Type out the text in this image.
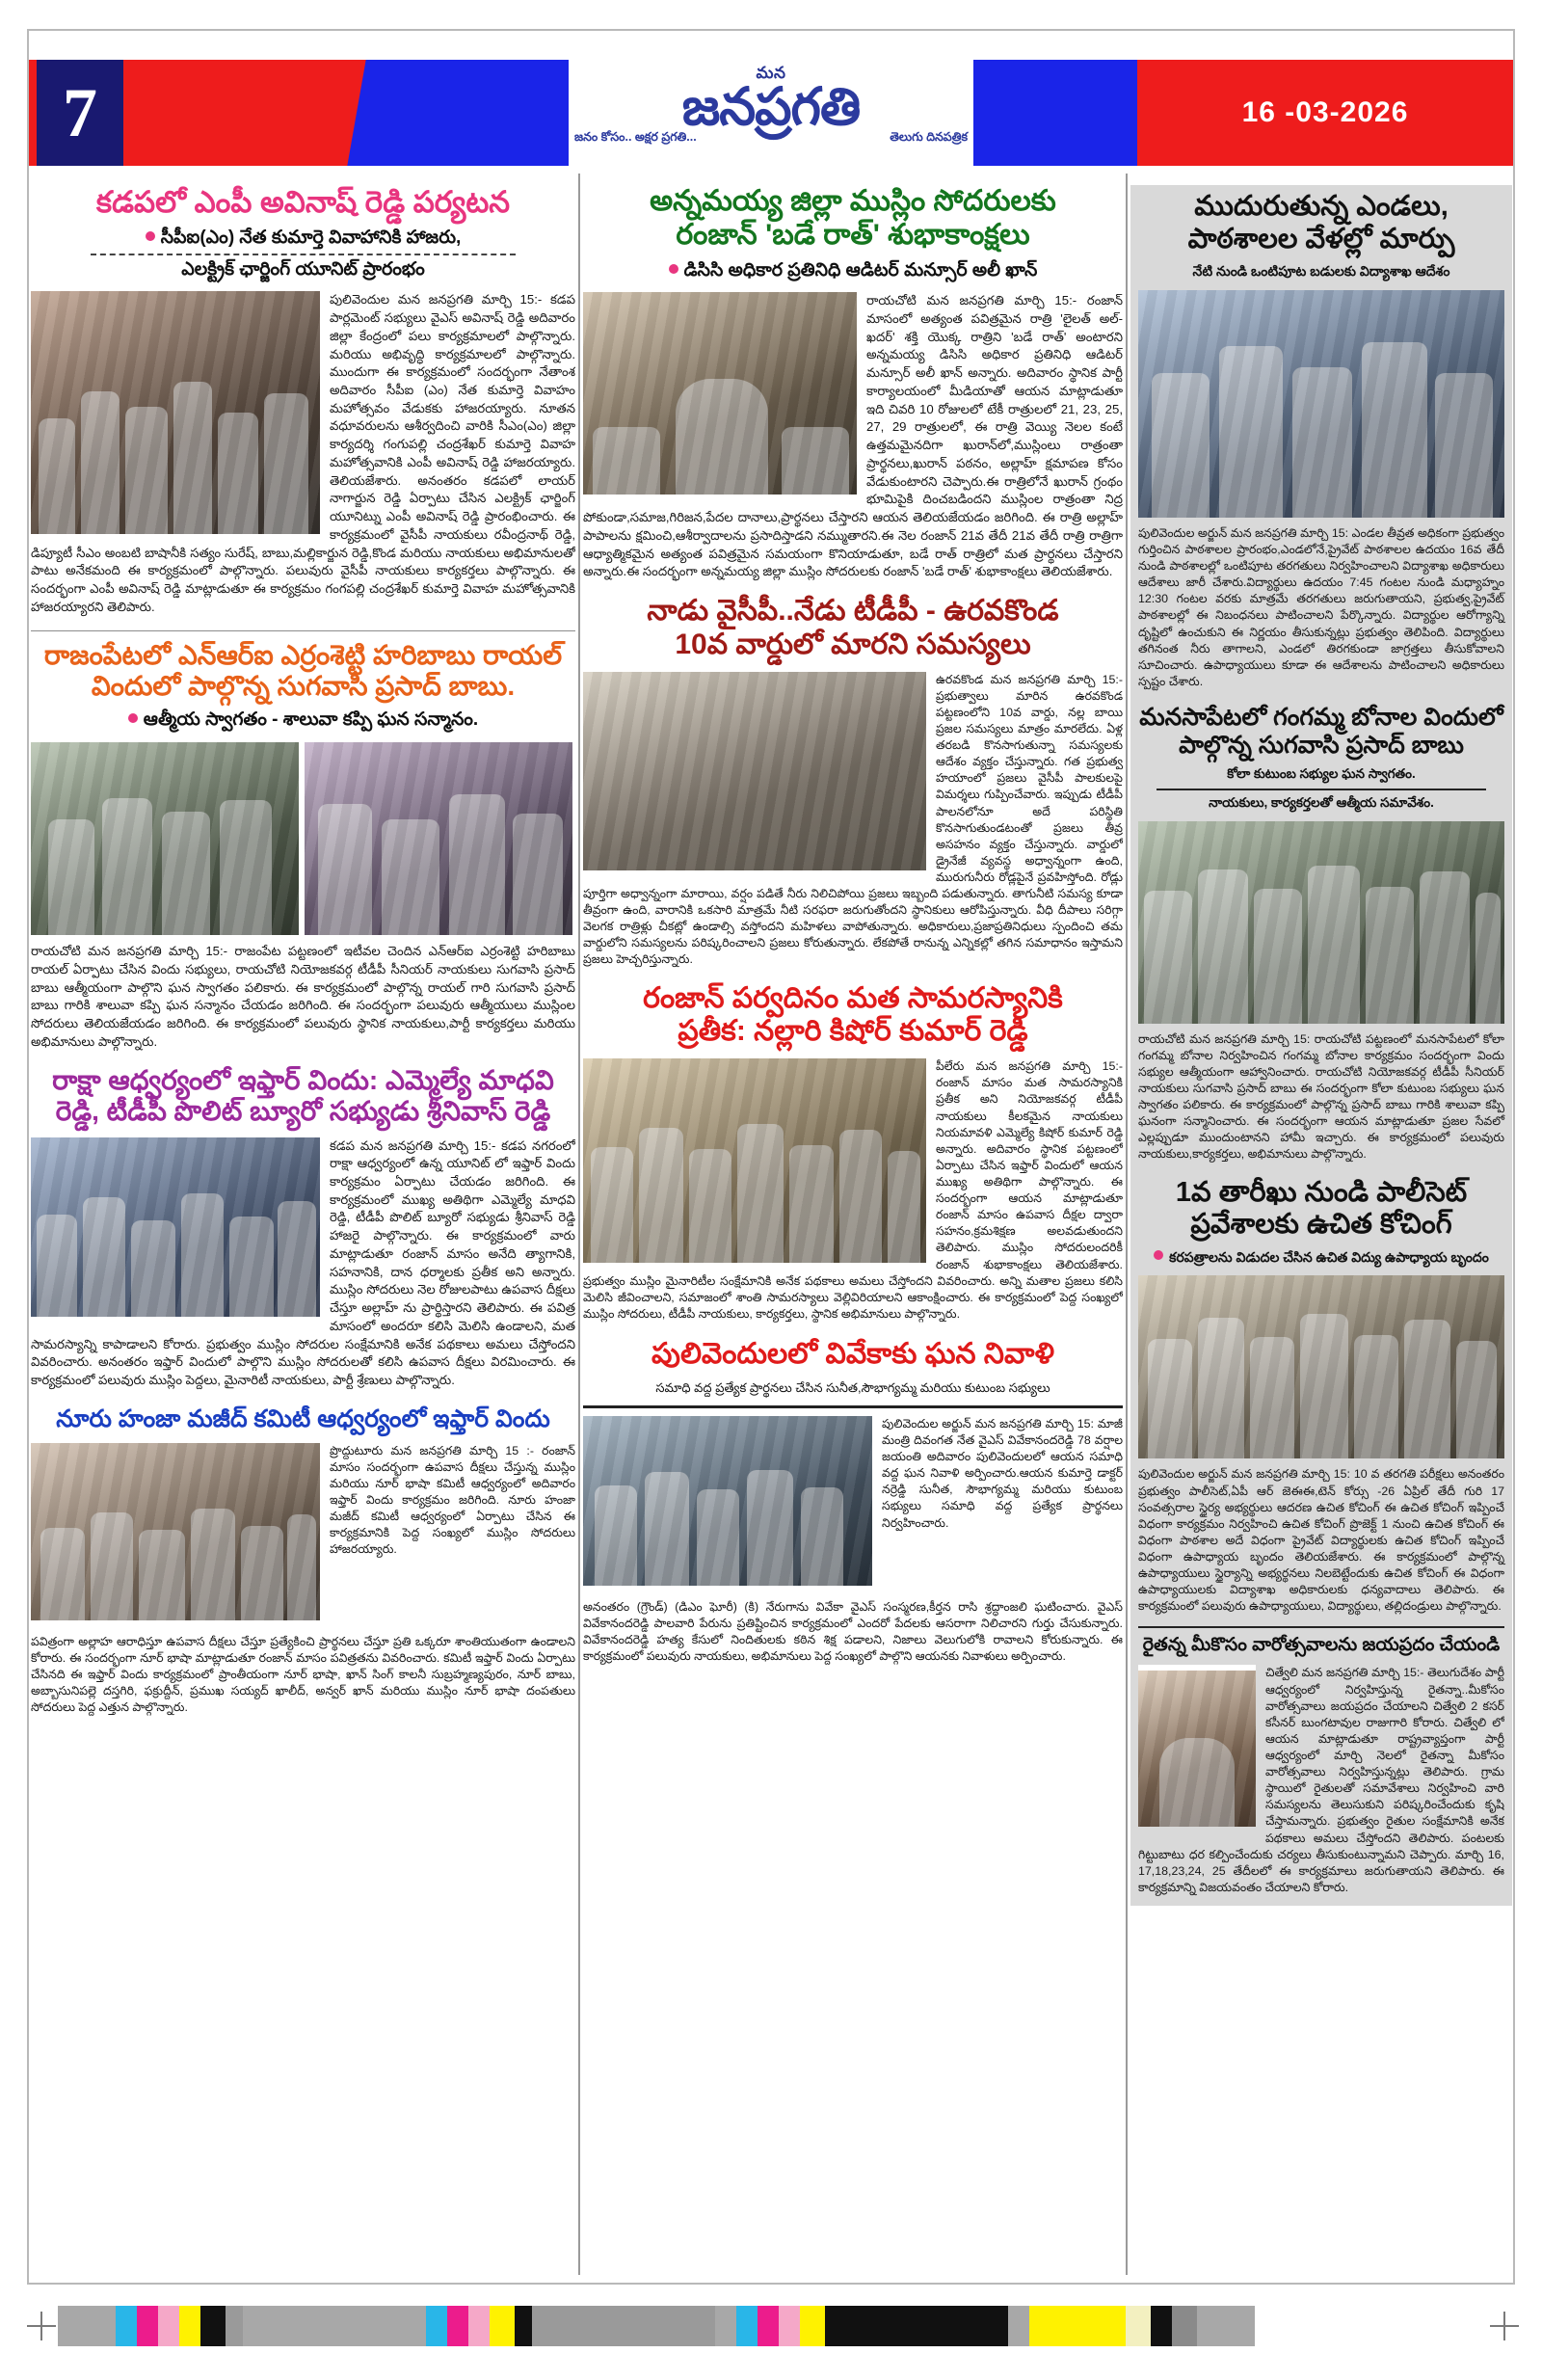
7
మన
జనప్రగతి
జనం కోసం.. అక్షర ప్రగతి...	తెలుగు దినపత్రిక
16 -03-2026
కడపలో ఎంపీ అవినాష్ రెడ్డి పర్యటన
సీపీఐ(ఎం) నేత కుమార్తె వివాహానికి హాజరు,
ఎలక్ట్రిక్ ఛార్జింగ్ యూనిట్ ప్రారంభం
పులివెందుల మన జనప్రగతి మార్చి 15:- కడప పార్లమెంట్ సభ్యులు వైఎస్ అవినాష్ రెడ్డి అదివారం జిల్లా కేంద్రంలో పలు కార్యక్రమాలలో పాల్గొన్నారు. మరియు అభివృద్ధి కార్యక్రమాలలో పాల్గొన్నారు. ముందుగా ఈ కార్యక్రమంలో సందర్భంగా నేతాంశ అదివారం సీపీఐ (ఎం) నేత కుమార్తె వివాహం మహోత్సవం వేడుకకు హాజరయ్యారు. నూతన వధూవరులను ఆశీర్వదించి వారికి సీఎం(ఎం) జిల్లా కార్యదర్శి గంగుపల్లి చంద్రశేఖర్ కుమార్తె వివాహ మహోత్సవానికి ఎంపీ అవినాష్ రెడ్డి హాజరయ్యారు. తెలియజేశారు. అనంతరం కడపలో లాయర్ నాగార్జున రెడ్డి ఏర్పాటు చేసిన ఎలక్ట్రిక్ ఛార్జింగ్ యూనిట్ను ఎంపీ అవినాష్ రెడ్డి ప్రారంభించారు. ఈ కార్యక్రమంలో వైసీపీ నాయకులు రవీంద్రనాథ్ రెడ్డి, డిప్యూటీ సీఎం అంబటి బాషానీకి సత్యం సురేష్, బాబు,మల్లికార్జున రెడ్డి,కొండ మరియు నాయకులు అభిమానులతో పాటు అనేకమంది ఈ కార్యక్రమంలో పాల్గొన్నారు. పలువురు వైసీపీ నాయకులు కార్యకర్తలు పాల్గొన్నారు. ఈ సందర్భంగా ఎంపీ అవినాష్ రెడ్డి మాట్లాడుతూ ఈ కార్యక్రమం గంగపల్లి చంద్రశేఖర్ కుమార్తె వివాహ మహోత్సవానికి హాజరయ్యారని తెలిపారు.
రాజంపేటలో ఎన్ఆర్ఐ ఎర్రంశెట్టి హరిబాబు రాయల్
విందులో పాల్గొన్న సుగవాసి ప్రసాద్ బాబు.
ఆత్మీయ స్వాగతం - శాలువా కప్పి ఘన సన్మానం.
రాయచోటి మన జనప్రగతి మార్చి 15:- రాజంపేట పట్టణంలో ఇటీవల చెందిన ఎన్ఆర్ఐ ఎర్రంశెట్టి హరిబాబు రాయల్ ఏర్పాటు చేసిన విందు సభ్యులు, రాయచోటి నియోజకవర్గ టీడీపీ సీనియర్ నాయకులు సుగవాసి ప్రసాద్ బాబు ఆత్మీయంగా పాల్గొని ఘన స్వాగతం పలికారు. ఈ కార్యక్రమంలో పాల్గొన్న రాయల్ గారి సుగవాసి ప్రసాద్ బాబు గారికి శాలువా కప్పి ఘన సన్మానం చేయడం జరిగింది. ఈ సందర్భంగా పలువురు ఆత్మీయులు ముస్లింల సోదరులు తెలియజేయడం జరిగింది. ఈ కార్యక్రమంలో పలువురు స్థానిక నాయకులు,పార్టీ కార్యకర్తలు మరియు అభిమానులు పాల్గొన్నారు.
రాక్షా ఆధ్వర్యంలో ఇఫ్తార్ విందు: ఎమ్మెల్యే మాధవి
రెడ్డి, టీడీపీ పొలిట్ బ్యూరో సభ్యుడు శ్రీనివాస్ రెడ్డి
కడప మన జనప్రగతి మార్చి 15:- కడప నగరంలో రాక్షా ఆధ్వర్యంలో ఉన్న యూనిట్ లో ఇఫ్తార్ విందు కార్యక్రమం ఏర్పాటు చేయడం జరిగింది. ఈ కార్యక్రమంలో ముఖ్య అతిథిగా ఎమ్మెల్యే మాధవి రెడ్డి, టీడీపీ పొలిట్ బ్యూరో సభ్యుడు శ్రీనివాస్ రెడ్డి హాజరై పాల్గొన్నారు. ఈ కార్యక్రమంలో వారు మాట్లాడుతూ రంజాన్ మాసం అనేది త్యాగానికి, సహనానికి, దాన ధర్మాలకు ప్రతీక అని అన్నారు. ముస్లిం సోదరులు నెల రోజులపాటు ఉపవాస దీక్షలు చేస్తూ అల్లాహ్ ను ప్రార్థిస్తారని తెలిపారు. ఈ పవిత్ర మాసంలో అందరూ కలిసి మెలిసి ఉండాలని, మత సామరస్యాన్ని కాపాడాలని కోరారు. ప్రభుత్వం ముస్లిం సోదరుల సంక్షేమానికి అనేక పథకాలు అమలు చేస్తోందని వివరించారు. అనంతరం ఇఫ్తార్ విందులో పాల్గొని ముస్లిం సోదరులతో కలిసి ఉపవాస దీక్షలు విరమించారు. ఈ కార్యక్రమంలో పలువురు ముస్లిం పెద్దలు, మైనారిటీ నాయకులు, పార్టీ శ్రేణులు పాల్గొన్నారు.
నూరు హంజా మజీద్ కమిటీ ఆధ్వర్యంలో ఇఫ్తార్ విందు
ప్రొద్దుటూరు మన జనప్రగతి మార్చి 15 :- రంజాన్ మాసం సందర్భంగా ఉపవాస దీక్షలు చేస్తున్న ముస్లిం మరియు నూర్ భాషా కమిటీ ఆధ్వర్యంలో అదివారం ఇఫ్తార్ విందు కార్యక్రమం జరిగింది. నూరు హంజా మజీద్ కమిటీ ఆధ్వర్యంలో ఏర్పాటు చేసిన ఈ కార్యక్రమానికి పెద్ద సంఖ్యలో ముస్లిం సోదరులు హాజరయ్యారు.
పవిత్రంగా అల్లాహ ఆరాధిస్తూ ఉపవాస దీక్షలు చేస్తూ ప్రత్యేకించి ప్రార్థనలు చేస్తూ ప్రతి ఒక్కరూ శాంతియుతంగా ఉండాలని కోరారు. ఈ సందర్భంగా నూర్ భాషా మాట్లాడుతూ రంజాన్ మాసం పవిత్రతను వివరించారు. కమిటీ ఇఫ్తార్ విందు ఏర్పాటు చేసినది ఈ ఇఫ్తార్ విందు కార్యక్రమంలో ప్రాంతీయంగా నూర్ భాషా, ఖాన్ సింగ్ కాలనీ సుబ్రహ్మణ్యపురం, నూర్ బాబు, అబ్బాసునిపల్లె దస్తగిరి, ఫక్రుద్దీన్, ప్రముఖ సయ్యద్ ఖాలీద్, అన్వర్ ఖాన్ మరియు ముస్లిం నూర్ భాషా దంపతులు సోదరులు పెద్ద ఎత్తున పాల్గొన్నారు.
అన్నమయ్య జిల్లా ముస్లిం సోదరులకు
రంజాన్ 'బడే రాత్' శుభాకాంక్షలు
డిసిసి అధికార ప్రతినిధి ఆడిటర్ మన్సూర్ అలీ ఖాన్
రాయచోటి మన జనప్రగతి మార్చి 15:- రంజాన్ మాసంలో అత్యంత పవిత్రమైన రాత్రి 'లైలత్ అల్-ఖదర్' శక్తి యొక్క రాత్రిని 'బడే రాత్' అంటారని అన్నమయ్య డిసిసి అధికార ప్రతినిధి ఆడిటర్ మన్సూర్ అలీ ఖాన్ అన్నారు. అదివారం స్థానిక పార్టీ కార్యాలయంలో మీడియాతో ఆయన మాట్లాడుతూ ఇది చివరి 10 రోజులలో టేకీ రాత్రులలో 21, 23, 25, 27, 29 రాత్రులలో, ఈ రాత్రి వెయ్యి నెలల కంటే ఉత్తమమైనదిగా ఖురాన్‌లో,ముస్లింలు రాత్రంతా ప్రార్థనలు,ఖురాన్ పఠనం, అల్లాహ్ క్షమాపణ కోసం వేడుకుంటారని చెప్పారు.ఈ రాత్రిలోనే ఖురాన్ గ్రంథం భూమిపైకి దించబడిందని ముస్లింల రాత్రంతా నిద్ర పోకుండా,సమాజ,గిరిజన,పేదల దానాలు,ప్రార్థనలు చేస్తారని ఆయన తెలియజేయడం జరిగింది. ఈ రాత్రి అల్లాహ్ పాపాలను క్షమించి,ఆశీర్వాదాలను ప్రసాదిస్తాడని నమ్ముతారని.ఈ నెల రంజాన్ 21వ తేదీ 21వ తేదీ రాత్రి రాత్రిగా ఆధ్యాత్మికమైన అత్యంత పవిత్రమైన సమయంగా కొనియాడుతూ, బడే రాత్ రాత్రిలో మత ప్రార్థనలు చేస్తారని అన్నారు.ఈ సందర్భంగా అన్నమయ్య జిల్లా ముస్లిం సోదరులకు రంజాన్ 'బడే రాత్' శుభాకాంక్షలు తెలియజేశారు.
నాడు వైసీపీ..నేడు టీడీపీ - ఉరవకొండ
10వ వార్డులో మారని సమస్యలు
ఉరవకొండ మన జనప్రగతి మార్చి 15:- ప్రభుత్వాలు మారిన ఉరవకొండ పట్టణంలోని 10వ వార్డు, నల్ల బాయి ప్రజల సమస్యలు మాత్రం మారలేదు. ఏళ్ల తరబడి కొనసాగుతున్నా సమస్యలకు ఆదేశం వ్యక్తం చేస్తున్నారు. గత ప్రభుత్వ హయాంలో ప్రజలు వైసీపీ పాలకులపై విమర్శలు గుప్పించేవారు. ఇప్పుడు టీడీపీ పాలనలోనూ అదే పరిస్థితి కొనసాగుతుండటంతో ప్రజలు తీవ్ర అసహనం వ్యక్తం చేస్తున్నారు. వార్డులో డ్రైనేజీ వ్యవస్థ అధ్వాన్నంగా ఉంది, మురుగునీరు రోడ్లపైనే ప్రవహిస్తోంది. రోడ్లు పూర్తిగా అధ్వాన్నంగా మారాయి, వర్షం పడితే నీరు నిలిచిపోయి ప్రజలు ఇబ్బంది పడుతున్నారు. తాగునీటి సమస్య కూడా తీవ్రంగా ఉంది, వారానికి ఒకసారి మాత్రమే నీటి సరఫరా జరుగుతోందని స్థానికులు ఆరోపిస్తున్నారు. వీధి దీపాలు సరిగ్గా వెలగక రాత్రిళ్లు చీకట్లో ఉండాల్సి వస్తోందని మహిళలు వాపోతున్నారు. అధికారులు,ప్రజాప్రతినిధులు స్పందించి తమ వార్డులోని సమస్యలను పరిష్కరించాలని ప్రజలు కోరుతున్నారు. లేకపోతే రానున్న ఎన్నికల్లో తగిన సమాధానం ఇస్తామని ప్రజలు హెచ్చరిస్తున్నారు.
రంజాన్ పర్వదినం మత సామరస్యానికి
ప్రతీక: నల్లారి కిషోర్ కుమార్ రెడ్డి
పీలేరు మన జనప్రగతి మార్చి 15:- రంజాన్ మాసం మత సామరస్యానికి ప్రతీక అని నియోజకవర్గ టీడీపీ నాయకులు కీలకమైన నాయకులు నియమావళి ఎమ్మెల్యే కిషోర్ కుమార్ రెడ్డి అన్నారు. అదివారం స్థానిక పట్టణంలో ఏర్పాటు చేసిన ఇఫ్తార్ విందులో ఆయన ముఖ్య అతిథిగా పాల్గొన్నారు. ఈ సందర్భంగా ఆయన మాట్లాడుతూ రంజాన్ మాసం ఉపవాస దీక్షల ద్వారా సహనం,క్రమశిక్షణ అలవడుతుందని తెలిపారు. ముస్లిం సోదరులందరికీ రంజాన్ శుభాకాంక్షలు తెలియజేశారు. ప్రభుత్వం ముస్లిం మైనారిటీల సంక్షేమానికి అనేక పథకాలు అమలు చేస్తోందని వివరించారు. అన్ని మతాల ప్రజలు కలిసి మెలిసి జీవించాలని, సమాజంలో శాంతి సామరస్యాలు వెల్లివిరియాలని ఆకాంక్షించారు. ఈ కార్యక్రమంలో పెద్ద సంఖ్యలో ముస్లిం సోదరులు, టీడీపీ నాయకులు, కార్యకర్తలు, స్థానిక అభిమానులు పాల్గొన్నారు.
పులివెందులలో వివేకాకు ఘన నివాళి
సమాధి వద్ద ప్రత్యేక ప్రార్థనలు చేసిన సునీత,సౌభాగ్యమ్మ మరియు కుటుంబ సభ్యులు
పులివెందుల అర్జున్ మన జనప్రగతి మార్చి 15: మాజీ మంత్రి దివంగత నేత వైఎస్ వివేకానందరెడ్డి 78 వర్షాల జయంతి అదివారం పులివెందులలో ఆయన సమాధి వద్ద ఘన నివాళి అర్పించారు.ఆయన కుమార్తె డాక్టర్ నర్రెడ్డి సునీత, సౌభాగ్యమ్మ మరియు కుటుంబ సభ్యులు సమాధి వద్ద ప్రత్యేక ప్రార్థనలు నిర్వహించారు.
అనంతరం (గ్రౌండ్) (డిఎం ఘోరీ) (కి) నేరుగాను వివేకా వైఎస్ సంస్మరణ,కీర్తన రాసి శ్రద్ధాంజలి ఘటించారు. వైఎస్ వివేకానందరెడ్డి పాలవారి పేరును ప్రతిష్టించిన కార్యక్రమంలో ఎందరో పేదలకు ఆసరాగా నిలిచారని గుర్తు చేసుకున్నారు. వివేకానందరెడ్డి హత్య కేసులో నిందితులకు కఠిన శిక్ష పడాలని, నిజాలు వెలుగులోకి రావాలని కోరుకున్నారు. ఈ కార్యక్రమంలో పలువురు నాయకులు, అభిమానులు పెద్ద సంఖ్యలో పాల్గొని ఆయనకు నివాళులు అర్పించారు.
ముదురుతున్న ఎండలు,
పాఠశాలల వేళల్లో మార్పు
నేటి నుండి ఒంటిపూట బడులకు విద్యాశాఖ ఆదేశం
పులివెందుల అర్జున్ మన జనప్రగతి మార్చి 15: ఎండల తీవ్రత అధికంగా ప్రభుత్వం గుర్తించిన పాఠశాలల ప్రారంభం,ఎండలోనే,ప్రైవేట్ పాఠశాలల ఉదయం 16వ తేదీ నుండి పాఠశాలల్లో ఒంటిపూట తరగతులు నిర్వహించాలని విద్యాశాఖ అధికారులు ఆదేశాలు జారీ చేశారు.విద్యార్థులు ఉదయం 7:45 గంటల నుండి మధ్యాహ్నం 12:30 గంటల వరకు మాత్రమే తరగతులు జరుగుతాయని, ప్రభుత్వ,ప్రైవేట్ పాఠశాలల్లో ఈ నిబంధనలు పాటించాలని పేర్కొన్నారు. విద్యార్థుల ఆరోగ్యాన్ని దృష్టిలో ఉంచుకుని ఈ నిర్ణయం తీసుకున్నట్లు ప్రభుత్వం తెలిపింది. విద్యార్థులు తగినంత నీరు తాగాలని, ఎండలో తిరగకుండా జాగ్రత్తలు తీసుకోవాలని సూచించారు. ఉపాధ్యాయులు కూడా ఈ ఆదేశాలను పాటించాలని అధికారులు స్పష్టం చేశారు.
మనసాపేటలో గంగమ్మ బోనాల విందులో
పాల్గొన్న సుగవాసి ప్రసాద్ బాబు
కోలా కుటుంబ సభ్యుల ఘన స్వాగతం.
నాయకులు, కార్యకర్తలతో ఆత్మీయ సమావేశం.
రాయచోటి మన జనప్రగతి మార్చి 15: రాయచోటి పట్టణంలో మనసాపేటలో కోలా గంగమ్మ బోనాల నిర్వహించిన గంగమ్మ బోనాల కార్యక్రమం సందర్భంగా విందు సభ్యుల ఆత్మీయంగా ఆహ్వానించారు. రాయచోటి నియోజకవర్గ టీడీపీ సీనియర్ నాయకులు సుగవాసి ప్రసాద్ బాబు ఈ సందర్భంగా కోలా కుటుంబ సభ్యులు ఘన స్వాగతం పలికారు. ఈ కార్యక్రమంలో పాల్గొన్న ప్రసాద్ బాబు గారికి శాలువా కప్పి ఘనంగా సన్మానించారు. ఈ సందర్భంగా ఆయన మాట్లాడుతూ ప్రజల సేవలో ఎల్లప్పుడూ ముందుంటానని హామీ ఇచ్చారు. ఈ కార్యక్రమంలో పలువురు నాయకులు,కార్యకర్తలు, అభిమానులు పాల్గొన్నారు.
1వ తారీఖు నుండి పాలీసెట్
ప్రవేశాలకు ఉచిత కోచింగ్
కరపత్రాలను విడుదల చేసిన ఉచిత విద్యు ఉపాధ్యాయ బృందం
పులివెందుల అర్జున్ మన జనప్రగతి మార్చి 15: 10 వ తరగతి పరీక్షలు అనంతరం ప్రభుత్వం పాలీసెట్,ఏపీ ఆర్ జెఈఈ,టెన్ కోర్సు -26 ఏప్రిల్ తేదీ గురి 17 సంవత్సరాల స్థైర్య అభ్యర్థులు ఆదరణ ఉచిత కోచింగ్ ఈ ఉచిత కోచింగ్ ఇప్పించే విధంగా కార్యక్రమం నిర్వహించి ఉచిత కోచింగ్ ప్రొజెక్ట్ 1 నుంచి ఉచిత కోచింగ్ ఈ విధంగా పాఠశాల అదే విధంగా ప్రైవేట్ విద్యార్థులకు ఉచిత కోచింగ్ ఇప్పించే విధంగా ఉపాధ్యాయ బృందం తెలియజేశారు. ఈ కార్యక్రమంలో పాల్గొన్న ఉపాధ్యాయులు స్థైర్యాన్ని అభ్యర్థనలు నిలబెట్టేందుకు ఉచిత కోచింగ్ ఈ విధంగా ఉపాధ్యాయులకు విద్యాశాఖ అధికారులకు ధన్యవాదాలు తెలిపారు. ఈ కార్యక్రమంలో పలువురు ఉపాధ్యాయులు, విద్యార్థులు, తల్లిదండ్రులు పాల్గొన్నారు.
రైతన్న మీకొసం వారోత్సవాలను జయప్రదం చేయండి
చిత్వేలి మన జనప్రగతి మార్చి 15:- తెలుగుదేశం పార్టీ ఆధ్వర్యంలో నిర్వహిస్తున్న రైతన్నా..మీకోసం వారోత్సవాలు జయప్రదం చేయాలని చిత్వేలి 2 కసర్ కసీనర్ బుంగటావుల రాజుగారి కోరారు. చిత్వేలి లో ఆయన మాట్లాడుతూ రాష్ట్రవ్యాప్తంగా పార్టీ ఆధ్వర్యంలో మార్చి నెలలో రైతన్నా మీకోసం వారోత్సవాలు నిర్వహిస్తున్నట్లు తెలిపారు. గ్రామ స్థాయిలో రైతులతో సమావేశాలు నిర్వహించి వారి సమస్యలను తెలుసుకుని పరిష్కరించేందుకు కృషి చేస్తామన్నారు. ప్రభుత్వం రైతుల సంక్షేమానికి అనేక పథకాలు అమలు చేస్తోందని తెలిపారు. పంటలకు గిట్టుబాటు ధర కల్పించేందుకు చర్యలు తీసుకుంటున్నామని చెప్పారు. మార్చి 16, 17,18,23,24, 25 తేదీలలో ఈ కార్యక్రమాలు జరుగుతాయని తెలిపారు. ఈ కార్యక్రమాన్ని విజయవంతం చేయాలని కోరారు.
